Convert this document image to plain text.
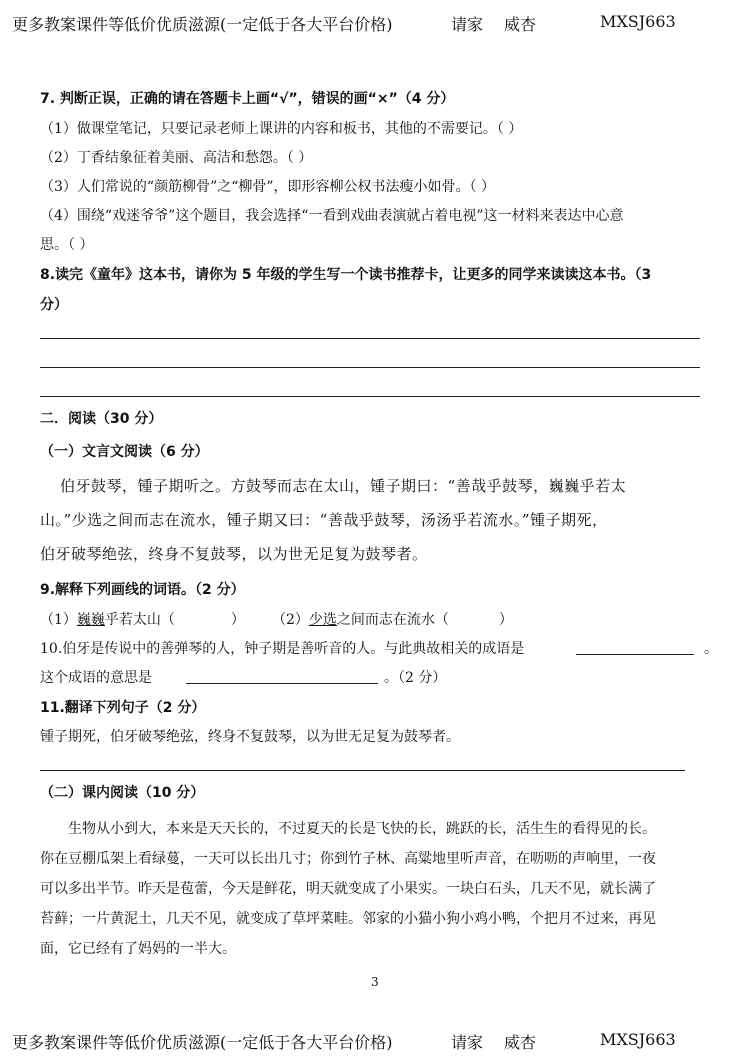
更多教案课件等低价优质滋源(一定低于各大平台价格)	请家 威杏	MXSJ663
7. 判断正误，正确的请在答题卡上画“√”，错误的画“×”（4 分）
（1）做课堂笔记，只要记录老师上课讲的内容和板书，其他的不需要记。（ ）
（2）丁香结象征着美丽、高洁和愁怨。（ ）
（3）人们常说的“颜筋柳骨”之“柳骨”，即形容柳公权书法瘦小如骨。（ ）
（4）围绕“戏迷爷爷”这个题目，我会选择“一看到戏曲表演就占着电视”这一材料来表达中心意
思。（ ）
8.读完《童年》这本书，请你为 5 年级的学生写一个读书推荐卡，让更多的同学来读读这本书。（3
分）
二．阅读（30 分）
（一）文言文阅读（6 分）
伯牙鼓琴，锺子期听之。方鼓琴而志在太山，锺子期曰：“善哉乎鼓琴，巍巍乎若太
山。”少选之间而志在流水，锺子期又曰：“善哉乎鼓琴，汤汤乎若流水。”锺子期死，
伯牙破琴绝弦，终身不复鼓琴，以为世无足复为鼓琴者。
9.解释下列画线的词语。（2 分）
（1）巍巍乎若太山（	） （2）少选之间而志在流水（	）
10.伯牙是传说中的善弹琴的人，钟子期是善听音的人。与此典故相关的成语是	。
这个成语的意思是	。（2 分）
11.翻译下列句子（2 分）
锺子期死，伯牙破琴绝弦，终身不复鼓琴，以为世无足复为鼓琴者。
（二）课内阅读（10 分）
生物从小到大，本来是天天长的，不过夏天的长是飞快的长，跳跃的长，活生生的看得见的长。
你在豆棚瓜架上看绿蔓，一天可以长出几寸；你到竹子林、高粱地里听声音，在呖呖的声响里，一夜
可以多出半节。昨天是苞蕾，今天是鲜花，明天就变成了小果实。一块白石头，几天不见，就长满了
苔藓；一片黄泥土，几天不见，就变成了草坪菜畦。邻家的小猫小狗小鸡小鸭，个把月不过来，再见
面，它已经有了妈妈的一半大。
3
更多教案课件等低价优质滋源(一定低于各大平台价格)	请家 威杏	MXSJ663
